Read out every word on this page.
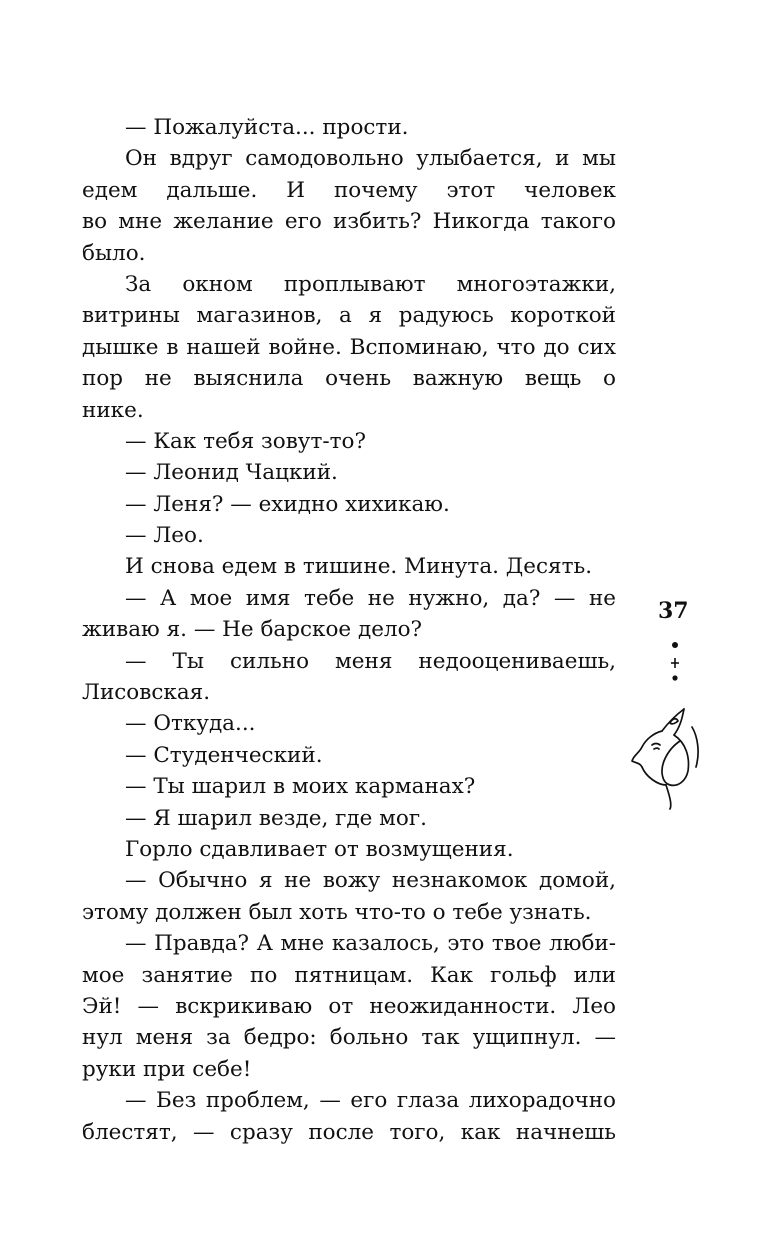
— Пожалуйста... прости.
Он вдруг самодовольно улыбается, и мы
едем дальше. И почему этот человек
во мне желание его избить? Никогда такого
было.
За окном проплывают многоэтажки,
витрины магазинов, а я радуюсь короткой
дышке в нашей войне. Вспоминаю, что до сих
пор не выяснила очень важную вещь о
нике.
— Как тебя зовут-то?
— Леонид Чацкий.
— Леня? — ехидно хихикаю.
— Лео.
И снова едем в тишине. Минута. Десять.
— А мое имя тебе не нужно, да? — не
живаю я. — Не барское дело?
— Ты сильно меня недооцениваешь,
Лисовская.
— Откуда...
— Студенческий.
— Ты шарил в моих карманах?
— Я шарил везде, где мог.
Горло сдавливает от возмущения.
— Обычно я не вожу незнакомок домой,
этому должен был хоть что-то о тебе узнать.
— Правда? А мне казалось, это твое люби-
мое занятие по пятницам. Как гольф или
Эй! — вскрикиваю от неожиданности. Лео
нул меня за бедро: больно так ущипнул. —
руки при себе!
— Без проблем, — его глаза лихорадочно
блестят, — сразу после того, как начнешь
37
